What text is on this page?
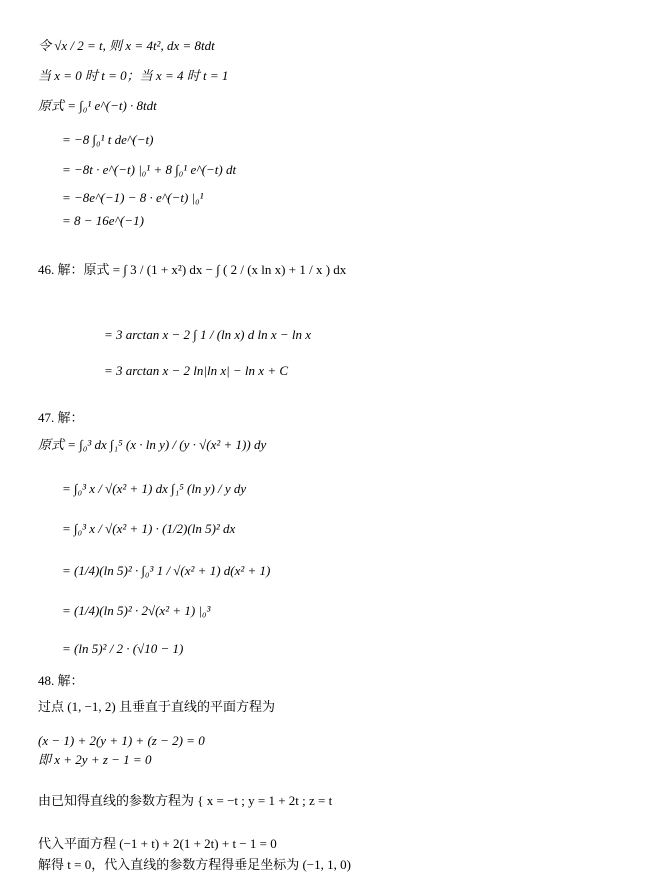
令 √x / 2 = t, 则 x = 4t², dx = 8tdt
当 x = 0 时 t = 0；当 x = 4 时 t = 1
原式 = ∫₀¹ e^(−t) · 8tdt
= −8 ∫₀¹ t de^(−t)
= −8t · e^(−t) |₀¹ + 8 ∫₀¹ e^(−t) dt
= −8e^(−1) − 8 · e^(−t) |₀¹
= 8 − 16e^(−1)
46. 解：原式 = ∫ 3 / (1 + x²) dx − ∫ ( 2 / (x ln x) + 1 / x ) dx
= 3 arctan x − 2 ∫ 1 / (ln x) d ln x − ln x
= 3 arctan x − 2 ln|ln x| − ln x + C
47. 解：
原式 = ∫₀³ dx ∫₁⁵ (x · ln y) / (y · √(x² + 1)) dy
= ∫₀³ x / √(x² + 1) dx ∫₁⁵ (ln y) / y dy
= ∫₀³ x / √(x² + 1) · (1/2)(ln 5)² dx
= (1/4)(ln 5)² · ∫₀³ 1 / √(x² + 1) d(x² + 1)
= (1/4)(ln 5)² · 2√(x² + 1) |₀³
= (ln 5)² / 2 · (√10 − 1)
48. 解：
过点 (1, −1, 2) 且垂直于直线的平面方程为
(x − 1) + 2(y + 1) + (z − 2) = 0
即 x + 2y + z − 1 = 0
由已知得直线的参数方程为 { x = −t ; y = 1 + 2t ; z = t
代入平面方程 (−1 + t) + 2(1 + 2t) + t − 1 = 0
解得 t = 0，代入直线的参数方程得垂足坐标为 (−1, 1, 0)
